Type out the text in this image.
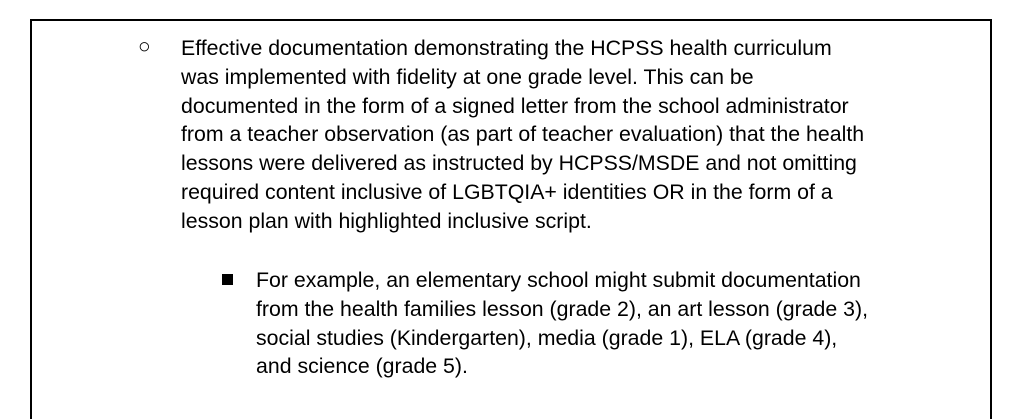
○ Effective documentation demonstrating the HCPSS health curriculum
was implemented with fidelity at one grade level. This can be
documented in the form of a signed letter from the school administrator
from a teacher observation (as part of teacher evaluation) that the health
lessons were delivered as instructed by HCPSS/MSDE and not omitting
required content inclusive of LGBTQIA+ identities OR in the form of a
lesson plan with highlighted inclusive script.
For example, an elementary school might submit documentation
from the health families lesson (grade 2), an art lesson (grade 3),
social studies (Kindergarten), media (grade 1), ELA (grade 4),
and science (grade 5).
